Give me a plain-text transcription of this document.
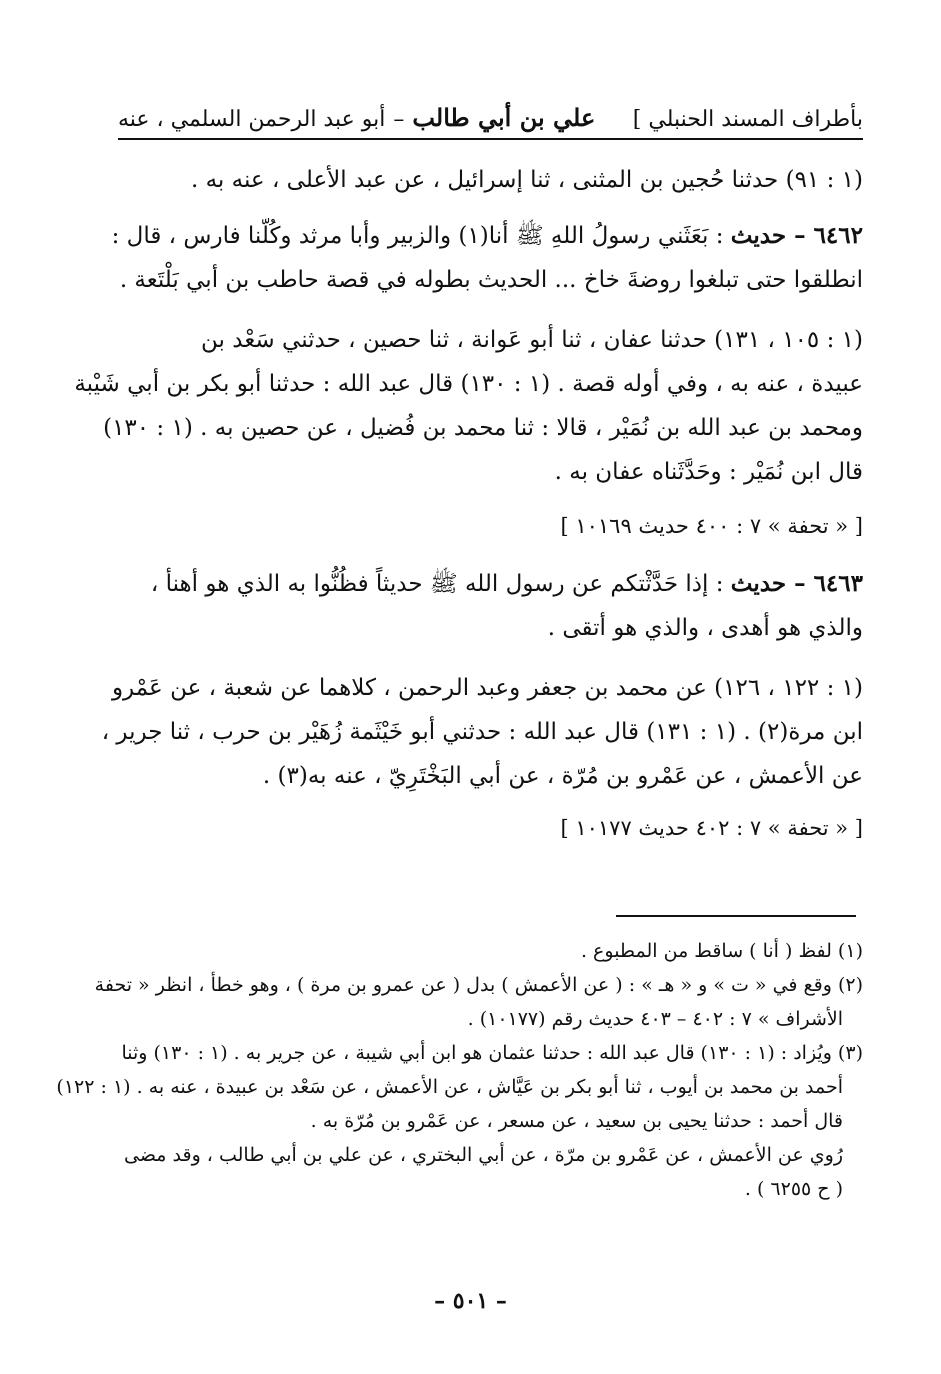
بأطراف المسند الحنبلي ]
علي بن أبي طالب
–
أبو عبد الرحمن السلمي ، عنه
(١ : ٩١) حدثنا حُجين بن المثنى ، ثنا إسرائيل ، عن عبد الأعلى ، عنه به .
٦٤٦٢ – حديث : بَعَثَني رسولُ اللهِ ﷺ أنا(١) والزبير وأبا مرثد وكُلّنا فارس ، قال :
انطلقوا حتى تبلغوا روضةَ خاخ ... الحديث بطوله في قصة حاطب بن أبي بَلْتَعة .
(١ : ١٠٥ ، ١٣١) حدثنا عفان ، ثنا أبو عَوانة ، ثنا حصين ، حدثني سَعْد بن
عبيدة ، عنه به ، وفي أوله قصة . (١ : ١٣٠) قال عبد الله : حدثنا أبو بكر بن أبي شَيْبة
ومحمد بن عبد الله بن نُمَيْر ، قالا : ثنا محمد بن فُضيل ، عن حصين به . (١ : ١٣٠)
قال ابن نُمَيْر : وحَدَّثَناه عفان به .
[ « تحفة » ٧ : ٤٠٠ حديث ١٠١٦٩ ]
٦٤٦٣ – حديث : إذا حَدَّثْتكم عن رسول الله ﷺ حديثاً فظُنُّوا به الذي هو أهنأ ،
والذي هو أهدى ، والذي هو أتقى .
(١ : ١٢٢ ، ١٢٦) عن محمد بن جعفر وعبد الرحمن ، كلاهما عن شعبة ، عن عَمْرو
ابن مرة(٢) . (١ : ١٣١) قال عبد الله : حدثني أبو خَيْثَمة زُهَيْر بن حرب ، ثنا جرير ،
عن الأعمش ، عن عَمْرو بن مُرّة ، عن أبي البَخْتَرِيّ ، عنه به(٣) .
[ « تحفة » ٧ : ٤٠٢ حديث ١٠١٧٧ ]
(١) لفظ ( أنا ) ساقط من المطبوع .
(٢) وقع في « ت » و « هـ » : ( عن الأعمش ) بدل ( عن عمرو بن مرة ) ، وهو خطأ ، انظر « تحفة
الأشراف » ٧ : ٤٠٢ – ٤٠٣ حديث رقم (١٠١٧٧) .
(٣) ويُزاد : (١ : ١٣٠) قال عبد الله : حدثنا عثمان هو ابن أبي شيبة ، عن جرير به . (١ : ١٣٠) وثنا
أحمد بن محمد بن أيوب ، ثنا أبو بكر بن عَيَّاش ، عن الأعمش ، عن سَعْد بن عبيدة ، عنه به . (١ : ١٢٢)
قال أحمد : حدثنا يحيى بن سعيد ، عن مسعر ، عن عَمْرو بن مُرّة به .
رُوي عن الأعمش ، عن عَمْرو بن مرّة ، عن أبي البختري ، عن علي بن أبي طالب ، وقد مضى
( ح ٦٢٥٥ ) .
– ٥٠١ –
